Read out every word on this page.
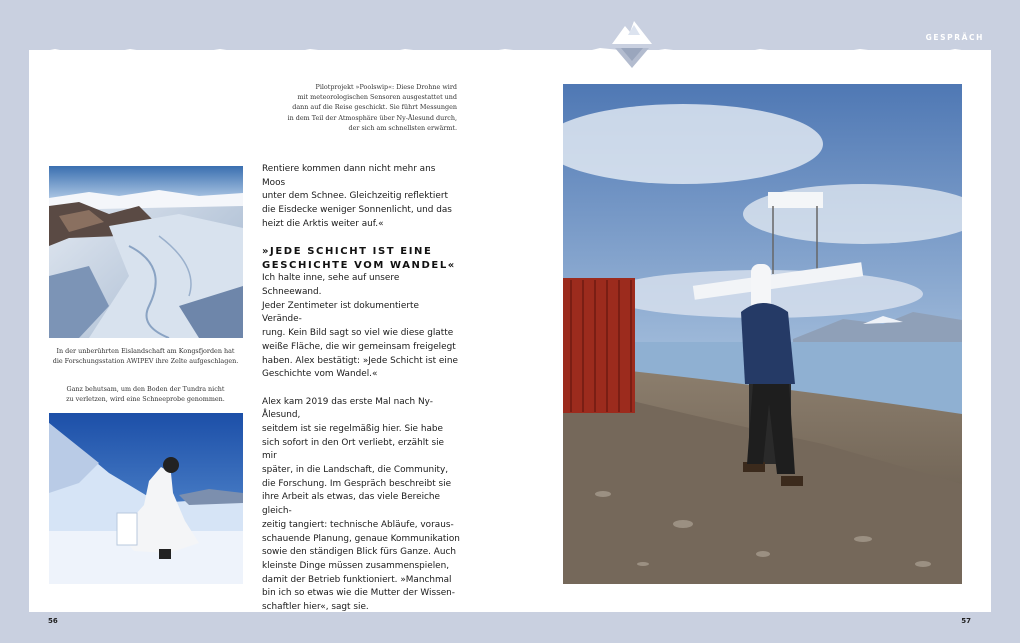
GESPRÄCH
Pilotprojekt »Poolswip«: Diese Drohne wird
mit meteorologischen Sensoren ausgestattet und
dann auf die Reise geschickt. Sie führt Messungen
in dem Teil der Atmosphäre über Ny-Ålesund durch,
der sich am schnellsten erwärmt.
In der unberührten Eislandschaft am Kongsfjorden hat
die Forschungsstation AWIPEV ihre Zelte aufgeschlagen.
Ganz behutsam, um den Boden der Tundra nicht
zu verletzen, wird eine Schneeprobe genommen.

Rentiere kommen dann nicht mehr ans Moos
unter dem Schnee. Gleichzeitig reflektiert
die Eisdecke weniger Sonnenlicht, und das
heizt die Arktis weiter auf.«

»JEDE SCHICHT IST EINE
GESCHICHTE VOM WANDEL«

Ich halte inne, sehe auf unsere Schneewand.
Jeder Zentimeter ist dokumentierte Verände-
rung. Kein Bild sagt so viel wie diese glatte
weiße Fläche, die wir gemeinsam freigelegt
haben. Alex bestätigt: »Jede Schicht ist eine
Geschichte vom Wandel.«

Alex kam 2019 das erste Mal nach Ny-Ålesund,
seitdem ist sie regelmäßig hier. Sie habe
sich sofort in den Ort verliebt, erzählt sie mir
später, in die Landschaft, die Community,
die Forschung. Im Gespräch beschreibt sie
ihre Arbeit als etwas, das viele Bereiche gleich-
zeitig tangiert: technische Abläufe, voraus-
schauende Planung, genaue Kommunikation
sowie den ständigen Blick fürs Ganze. Auch
kleinste Dinge müssen zusammenspielen,
damit der Betrieb funktioniert. »Manchmal
bin ich so etwas wie die Mutter der Wissen-
schaftler hier«, sagt sie.

56	57
